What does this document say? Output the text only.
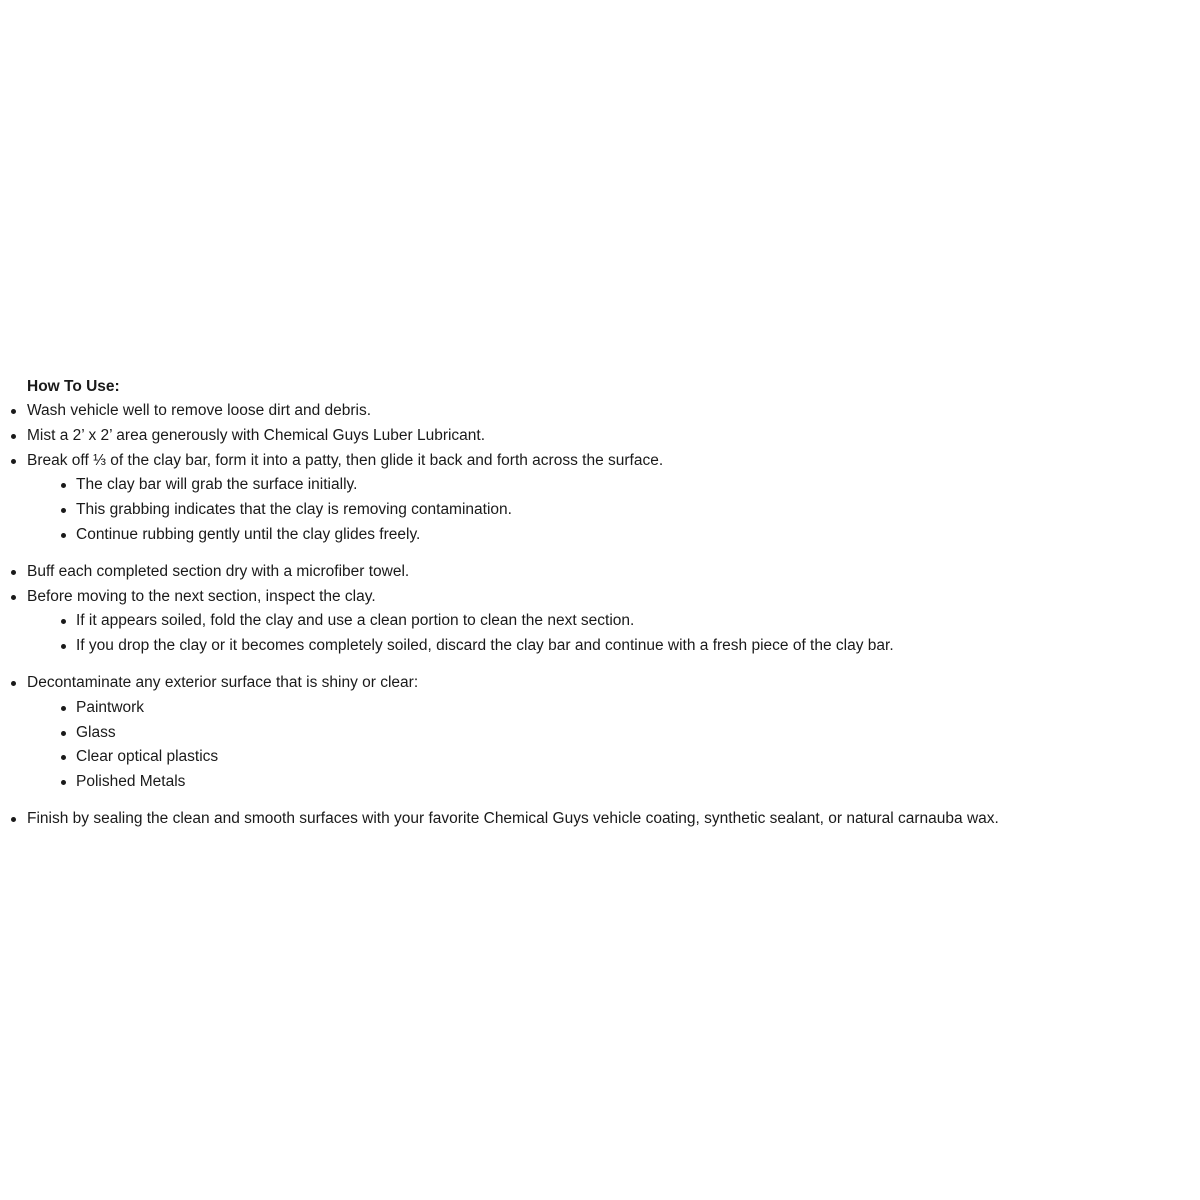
How To Use:
Wash vehicle well to remove loose dirt and debris.
Mist a 2’ x 2’ area generously with Chemical Guys Luber Lubricant.
Break off ⅓ of the clay bar, form it into a patty, then glide it back and forth across the surface.
The clay bar will grab the surface initially.
This grabbing indicates that the clay is removing contamination.
Continue rubbing gently until the clay glides freely.
Buff each completed section dry with a microfiber towel.
Before moving to the next section, inspect the clay.
If it appears soiled, fold the clay and use a clean portion to clean the next section.
If you drop the clay or it becomes completely soiled, discard the clay bar and continue with a fresh piece of the clay bar.
Decontaminate any exterior surface that is shiny or clear:
Paintwork
Glass
Clear optical plastics
Polished Metals
Finish by sealing the clean and smooth surfaces with your favorite Chemical Guys vehicle coating, synthetic sealant, or natural carnauba wax.
